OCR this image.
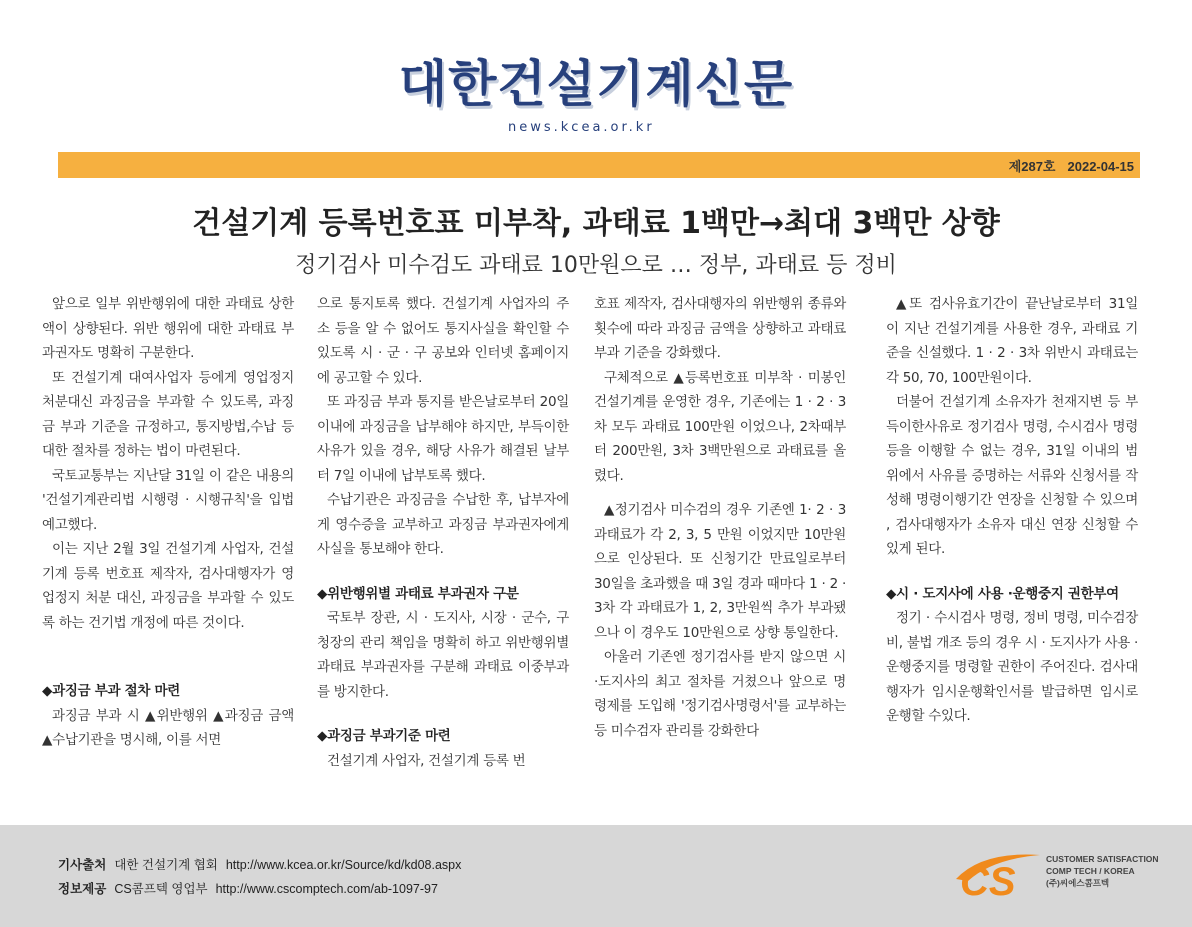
대한건설기계신문
news.kcea.or.kr
제287호 2022-04-15
건설기계 등록번호표 미부착, 과태료 1백만→최대 3백만 상향
정기검사 미수검도 과태료 10만원으로 … 정부, 과태료 등 정비

앞으로 일부 위반행위에 대한 과태료 상한액이 상향된다. 위반 행위에 대한 과태료 부과권자도 명확히 구분한다.

또 건설기계 대여사업자 등에게 영업정지 처분대신 과징금을 부과할 수 있도록, 과징금 부과 기준을 규정하고, 통지방법,수납 등 대한 절차를 정하는 법이 마련된다.

국토교통부는 지난달 31일 이 같은 내용의 '건설기계관리법 시행령 · 시행규칙'을 입법예고했다.

이는 지난 2월 3일 건설기계 사업자, 건설기계 등록 번호표 제작자, 검사대행자가 영업정지 처분 대신, 과징금을 부과할 수 있도록 하는 건기법 개정에 따른 것이다.

◆과징금 부과 절차 마련

과징금 부과 시 ▲위반행위 ▲과징금 금액 ▲수납기관을 명시해, 이를 서면

으로 통지토록 했다. 건설기계 사업자의 주소 등을 알 수 없어도 통지사실을 확인할 수 있도록 시 · 군 · 구 공보와 인터넷 홈페이지에 공고할 수 있다.

또 과징금 부과 통지를 받은날로부터 20일 이내에 과징금을 납부해야 하지만, 부득이한 사유가 있을 경우, 해당 사유가 해결된 날부터 7일 이내에 납부토록 했다.

수납기관은 과징금을 수납한 후, 납부자에게 영수증을 교부하고 과징금 부과권자에게 사실을 통보해야 한다.

◆위반행위별 과태료 부과권자 구분

국토부 장관, 시 · 도지사, 시장 · 군수, 구청장의 관리 책임을 명확히 하고 위반행위별 과태료 부과권자를 구분해 과태료 이중부과를 방지한다.

◆과징금 부과기준 마련

건설기계 사업자, 건설기계 등록 번

호표 제작자, 검사대행자의 위반행위 종류와 횟수에 따라 과징금 금액을 상향하고 과태료 부과 기준을 강화했다.

구체적으로 ▲등록번호표 미부착 · 미봉인 건설기계를 운영한 경우, 기존에는 1 · 2 · 3차 모두 과태료 100만원 이었으나, 2차때부터 200만원, 3차 3백만원으로 과태료를 올렸다.

▲정기검사 미수검의 경우 기존엔 1· 2 · 3 과태료가 각 2, 3, 5 만원 이었지만 10만원으로 인상된다. 또 신청기간 만료일로부터 30일을 초과했을 때 3일 경과 때마다 1 · 2 · 3차 각 과태료가 1, 2, 3만원씩 추가 부과됐으나 이 경우도 10만원으로 상향 통일한다.

아울러 기존엔 정기검사를 받지 않으면 시 ·도지사의 최고 절차를 거쳤으나 앞으로 명령제를 도입해 '정기검사명령서'를 교부하는 등 미수검자 관리를 강화한다

▲또 검사유효기간이 끝난날로부터 31일이 지난 건설기계를 사용한 경우, 과태료 기준을 신설했다. 1 · 2 · 3차 위반시 과태료는 각 50, 70, 100만원이다.

더불어 건설기계 소유자가 천재지변 등 부득이한사유로 정기검사 명령, 수시검사 명령 등을 이행할 수 없는 경우, 31일 이내의 범위에서 사유를 증명하는 서류와 신청서를 작성해 명령이행기간 연장을 신청할 수 있으며 , 검사대행자가 소유자 대신 연장 신청할 수 있게 된다.

◆시 · 도지사에 사용 ·운행중지 권한부여

정기 · 수시검사 명령, 정비 명령, 미수검장비, 불법 개조 등의 경우 시 · 도지사가 사용 · 운행중지를 명령할 권한이 주어진다. 검사대행자가 임시운행확인서를 발급하면 임시로 운행할 수있다.

기사출처 대한 건설기계 협회 http://www.kcea.or.kr/Source/kd/kd08.aspx
정보제공 CS콤프텍 영업부 http://www.cscomptech.com/ab-1097-97	CS
CUSTOMER SATISFACTION
COMP TECH / KOREA
(주)씨에스콤프텍
